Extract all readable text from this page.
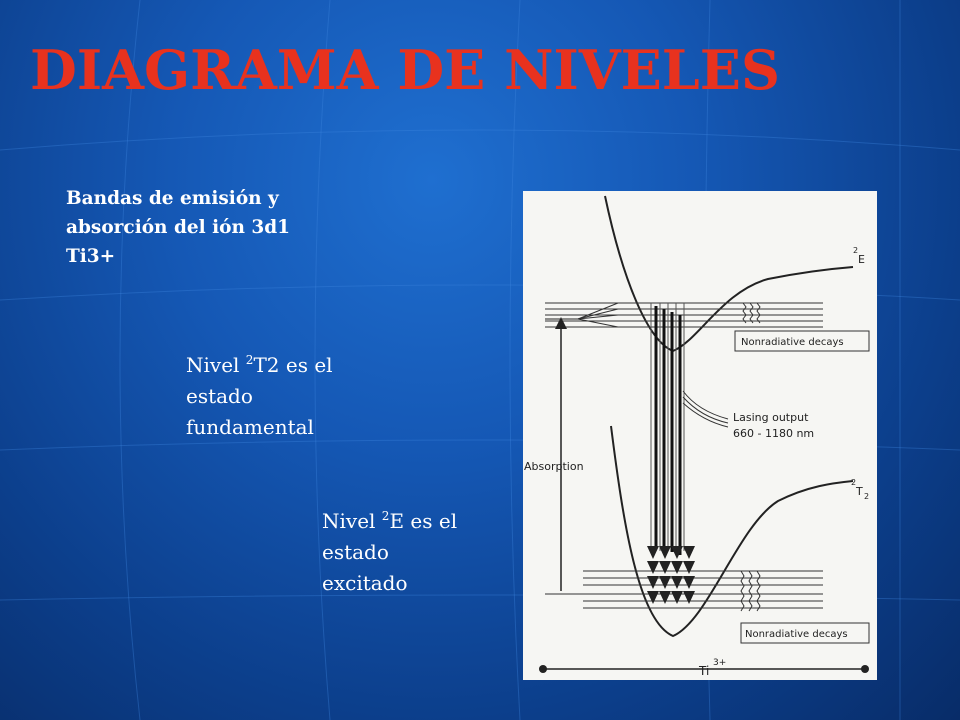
DIAGRAMA DE NIVELES
Bandas de emisión y absorción del ión 3d1 Ti3+
Nivel $^2$T2 es el estado fundamental
Nivel $^2$E es el estado excitado
2
E
2
T 2
Nonradiative decays
Lasing output
660 - 1180 nm
Absorption
Nonradiative decays
Ti
3+
